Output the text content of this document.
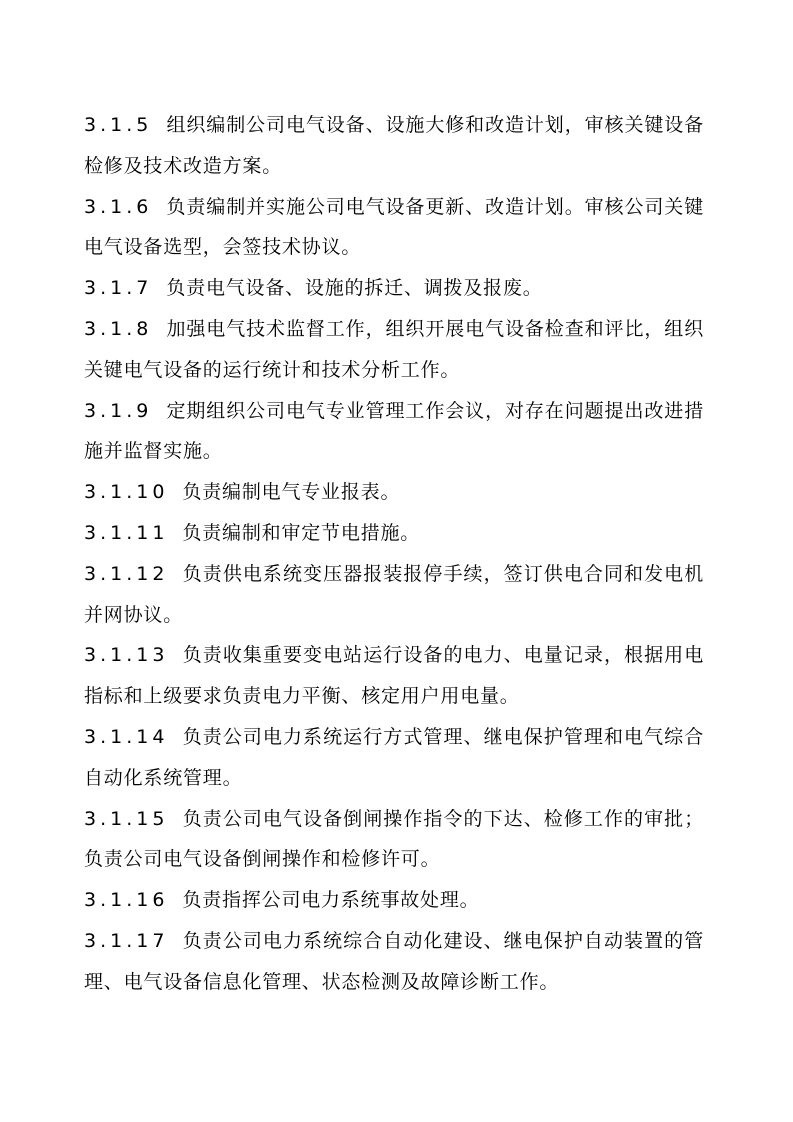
3.1.5 组织编制公司电气设备、设施大修和改造计划，审核关键设备检修及技术改造方案。

3.1.6 负责编制并实施公司电气设备更新、改造计划。审核公司关键电气设备选型，会签技术协议。

3.1.7 负责电气设备、设施的拆迁、调拨及报废。

3.1.8 加强电气技术监督工作，组织开展电气设备检查和评比，组织关键电气设备的运行统计和技术分析工作。

3.1.9 定期组织公司电气专业管理工作会议，对存在问题提出改进措施并监督实施。

3.1.10 负责编制电气专业报表。

3.1.11 负责编制和审定节电措施。

3.1.12 负责供电系统变压器报装报停手续，签订供电合同和发电机并网协议。

3.1.13 负责收集重要变电站运行设备的电力、电量记录，根据用电指标和上级要求负责电力平衡、核定用户用电量。

3.1.14 负责公司电力系统运行方式管理、继电保护管理和电气综合自动化系统管理。

3.1.15 负责公司电气设备倒闸操作指令的下达、检修工作的审批；负责公司电气设备倒闸操作和检修许可。

3.1.16 负责指挥公司电力系统事故处理。

3.1.17 负责公司电力系统综合自动化建设、继电保护自动装置的管理、电气设备信息化管理、状态检测及故障诊断工作。
